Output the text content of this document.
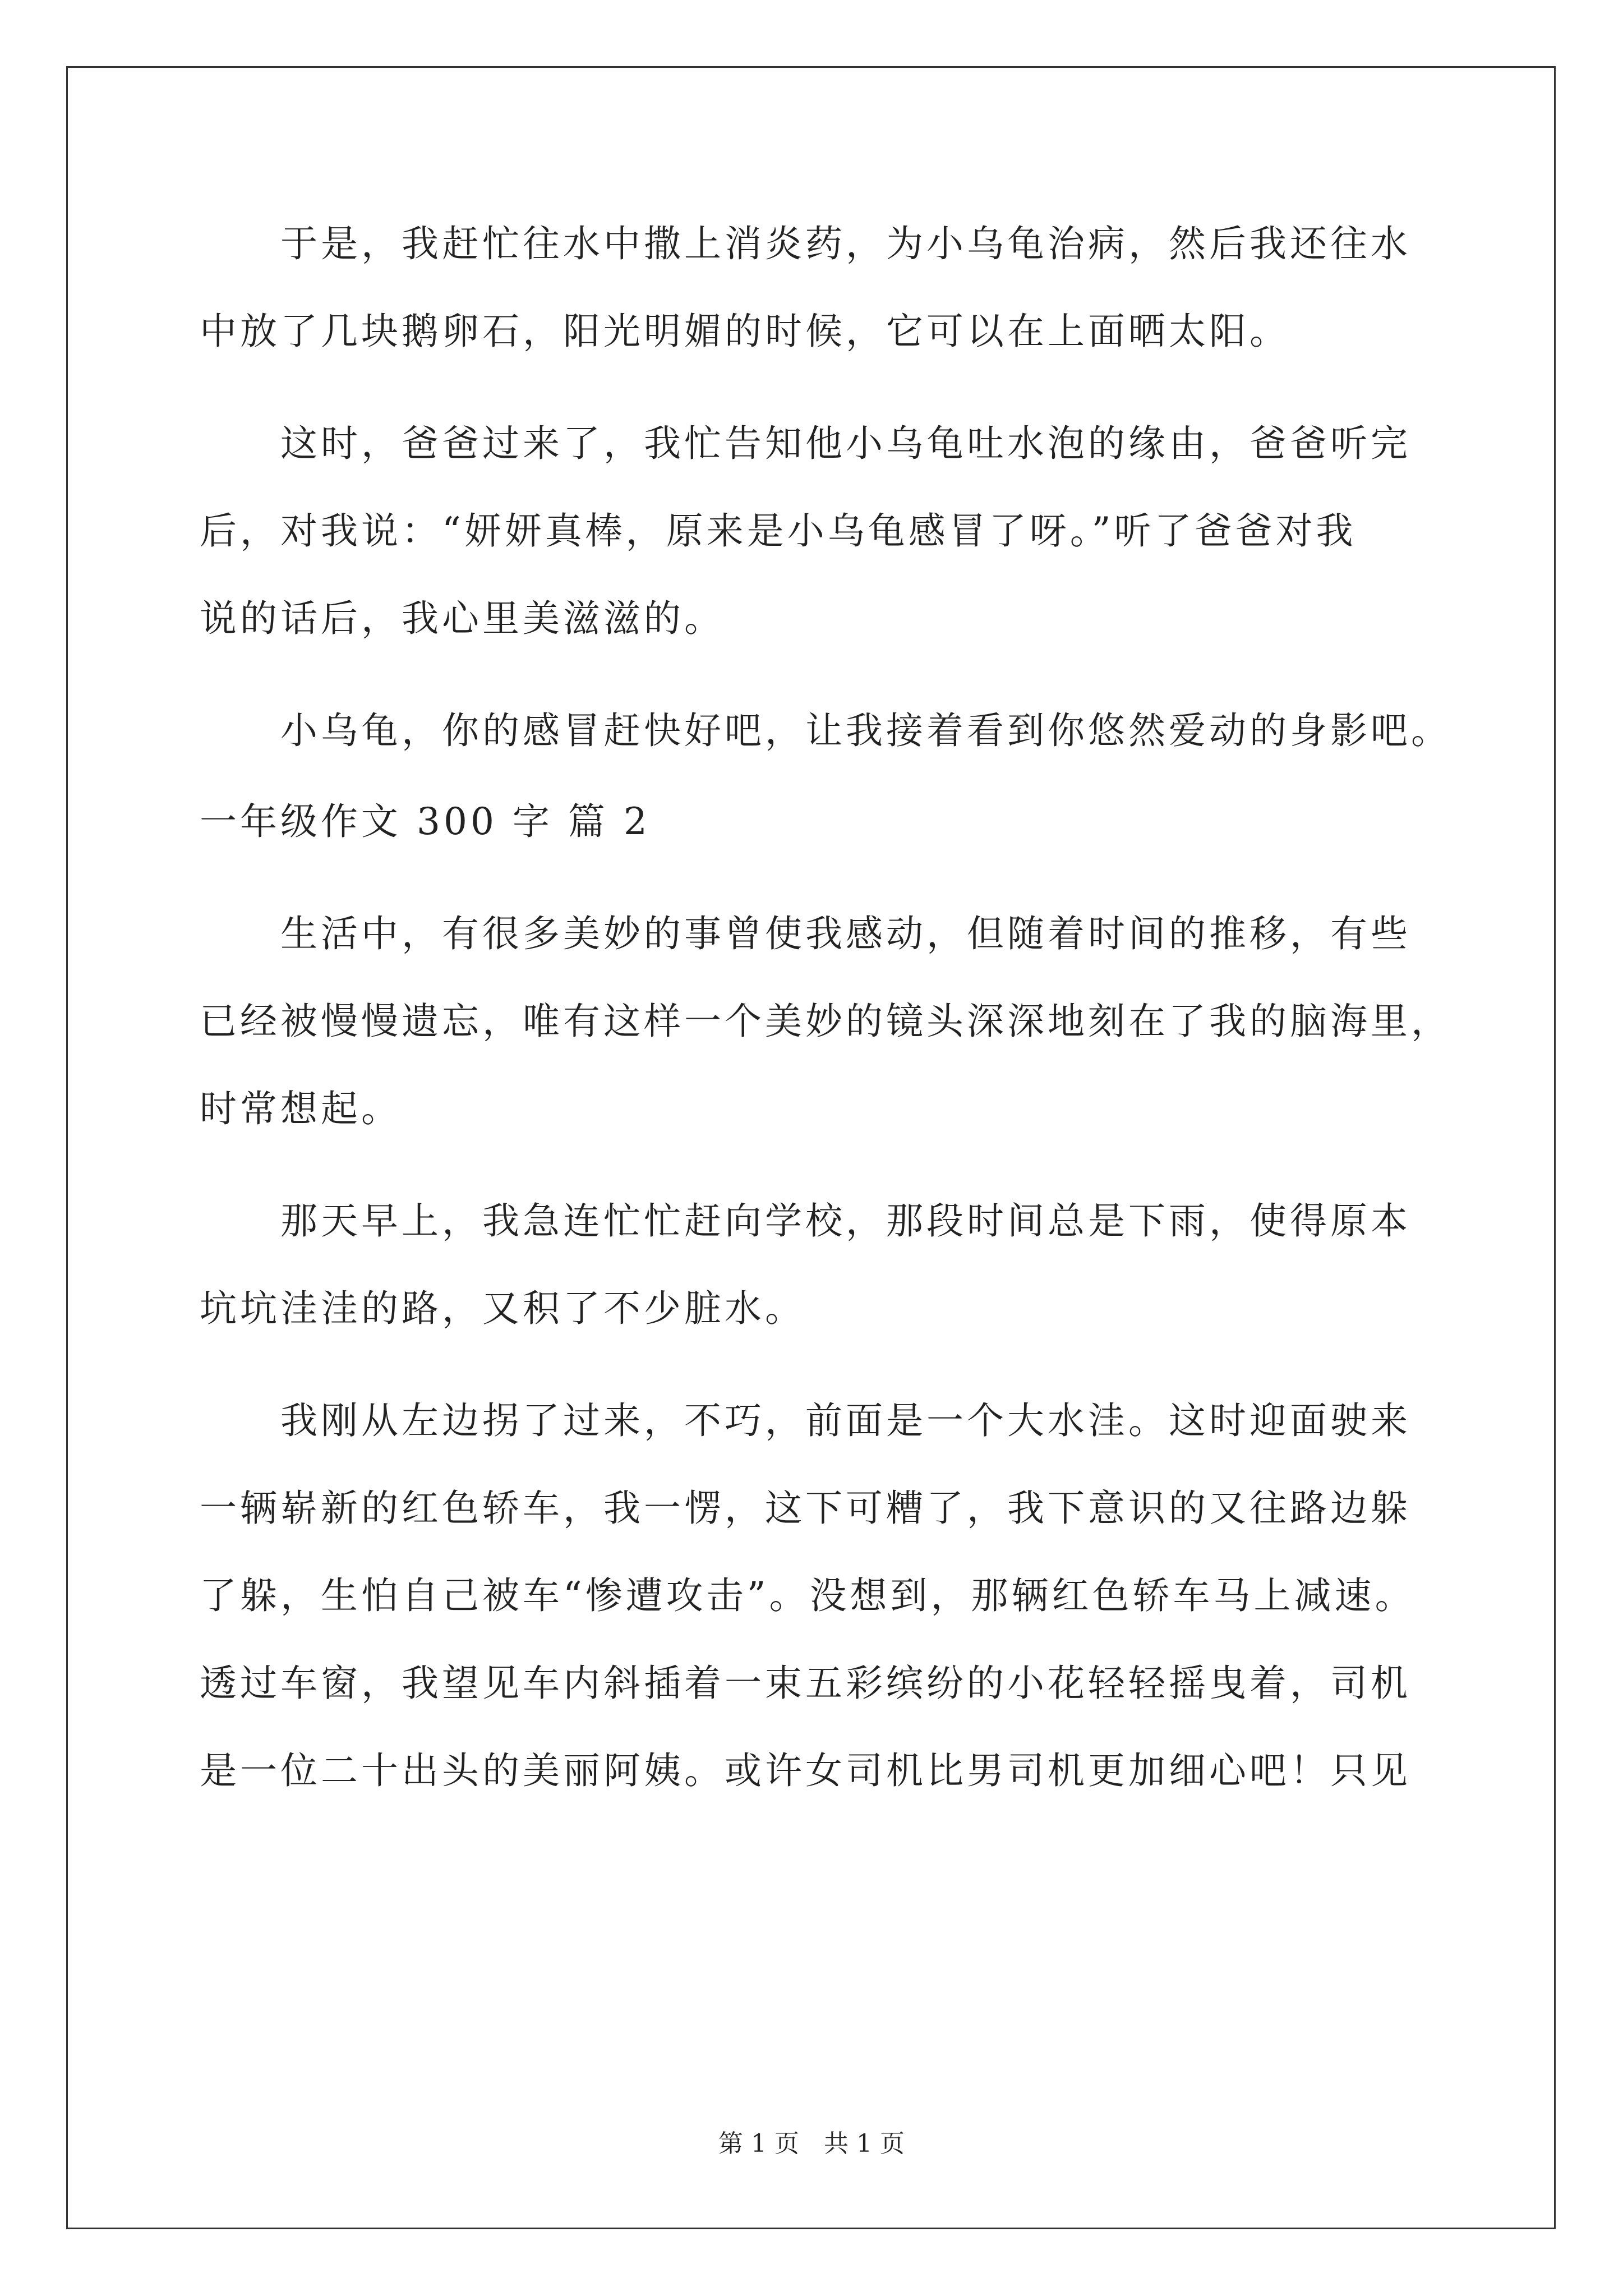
　　于是，我赶忙往水中撒上消炎药，为小乌龟治病，然后我还往水
中放了几块鹅卵石，阳光明媚的时候，它可以在上面晒太阳。
　　这时，爸爸过来了，我忙告知他小乌龟吐水泡的缘由，爸爸听完
后，对我说：“妍妍真棒，原来是小乌龟感冒了呀。”听了爸爸对我
说的话后，我心里美滋滋的。
　　小乌龟，你的感冒赶快好吧，让我接着看到你悠然爱动的身影吧。
一年级作文 300 字 篇 2
　　生活中，有很多美妙的事曾使我感动，但随着时间的推移，有些
已经被慢慢遗忘，唯有这样一个美妙的镜头深深地刻在了我的脑海里，
时常想起。
　　那天早上，我急连忙忙赶向学校，那段时间总是下雨，使得原本
坑坑洼洼的路，又积了不少脏水。
　　我刚从左边拐了过来，不巧，前面是一个大水洼。这时迎面驶来
一辆崭新的红色轿车，我一愣，这下可糟了，我下意识的又往路边躲
了躲，生怕自己被车“惨遭攻击”。没想到，那辆红色轿车马上减速。
透过车窗，我望见车内斜插着一束五彩缤纷的小花轻轻摇曳着，司机
是一位二十出头的美丽阿姨。或许女司机比男司机更加细心吧！只见
第 1 页　共 1 页
